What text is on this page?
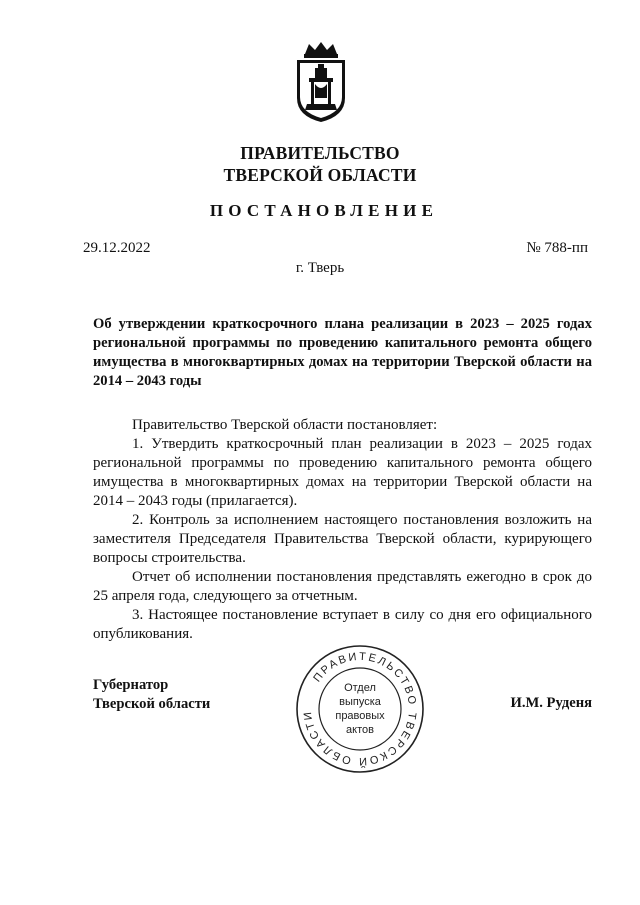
ПРАВИТЕЛЬСТВО
ТВЕРСКОЙ ОБЛАСТИ
ПОСТАНОВЛЕНИЕ
29.12.2022	№ 788-пп
г. Тверь
Об утверждении краткосрочного плана реализации в 2023 – 2025 годах региональной программы по проведению капитального ремонта общего имущества в многоквартирных домах на территории Тверской области на 2014 – 2043 годы

Правительство Тверской области постановляет:

1. Утвердить краткосрочный план реализации в 2023 – 2025 годах региональной программы по проведению капитального ремонта общего имущества в многоквартирных домах на территории Тверской области на 2014 – 2043 годы (прилагается).

2. Контроль за исполнением настоящего постановления возложить на заместителя Председателя Правительства Тверской области, курирующего вопросы строительства.

Отчет об исполнении постановления представлять ежегодно в срок до 25 апреля года, следующего за отчетным.

3. Настоящее постановление вступает в силу со дня его официального опубликования.

Губернатор
Тверской области
ПРАВИТЕЛЬСТВО ТВЕРСКОЙ ОБЛАСТИ
Отдел
выпуска
правовых
актов
И.М. Руденя
